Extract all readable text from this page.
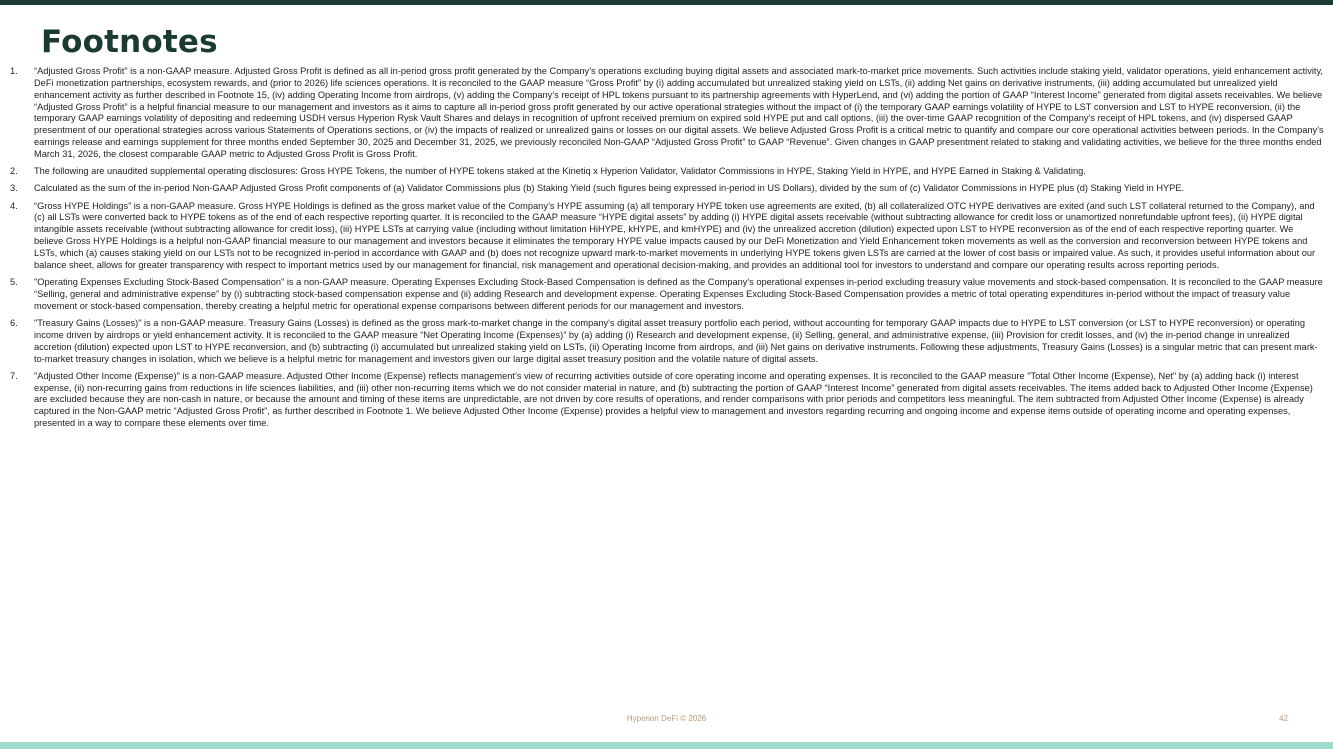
Footnotes
1.	“Adjusted Gross Profit” is a non-GAAP measure. Adjusted Gross Profit is defined as all in-period gross profit generated by the Company’s operations excluding buying digital assets and associated mark-to-market price movements. Such activities include staking yield, validator operations, yield enhancement activity, DeFi monetization partnerships, ecosystem rewards, and (prior to 2026) life sciences operations. It is reconciled to the GAAP measure “Gross Profit” by (i) adding accumulated but unrealized staking yield on LSTs, (ii) adding Net gains on derivative instruments, (iii) adding accumulated but unrealized yield enhancement activity as further described in Footnote 15, (iv) adding Operating Income from airdrops, (v) adding the Company’s receipt of HPL tokens pursuant to its partnership agreements with HyperLend, and (vi) adding the portion of GAAP “Interest Income” generated from digital assets receivables. We believe “Adjusted Gross Profit” is a helpful financial measure to our management and investors as it aims to capture all in-period gross profit generated by our active operational strategies without the impact of (i) the temporary GAAP earnings volatility of HYPE to LST conversion and LST to HYPE reconversion, (ii) the temporary GAAP earnings volatility of depositing and redeeming USDH versus Hyperion Rysk Vault Shares and delays in recognition of upfront received premium on expired sold HYPE put and call options, (iii) the over-time GAAP recognition of the Company’s receipt of HPL tokens, and (iv) dispersed GAAP presentment of our operational strategies across various Statements of Operations sections, or (iv) the impacts of realized or unrealized gains or losses on our digital assets. We believe Adjusted Gross Profit is a critical metric to quantify and compare our core operational activities between periods. In the Company’s earnings release and earnings supplement for three months ended September 30, 2025 and December 31, 2025, we previously reconciled Non-GAAP “Adjusted Gross Profit” to GAAP “Revenue”. Given changes in GAAP presentment related to staking and validating activities, we believe for the three months ended March 31, 2026, the closest comparable GAAP metric to Adjusted Gross Profit is Gross Profit.
2.	The following are unaudited supplemental operating disclosures: Gross HYPE Tokens, the number of HYPE tokens staked at the Kinetiq x Hyperion Validator, Validator Commissions in HYPE, Staking Yield in HYPE, and HYPE Earned in Staking & Validating.
3.	Calculated as the sum of the in-period Non-GAAP Adjusted Gross Profit components of (a) Validator Commissions plus (b) Staking Yield (such figures being expressed in-period in US Dollars), divided by the sum of (c) Validator Commissions in HYPE plus (d) Staking Yield in HYPE.
4.	“Gross HYPE Holdings” is a non-GAAP measure. Gross HYPE Holdings is defined as the gross market value of the Company’s HYPE assuming (a) all temporary HYPE token use agreements are exited, (b) all collateralized OTC HYPE derivatives are exited (and such LST collateral returned to the Company), and (c) all LSTs were converted back to HYPE tokens as of the end of each respective reporting quarter. It is reconciled to the GAAP measure “HYPE digital assets” by adding (i) HYPE digital assets receivable (without subtracting allowance for credit loss or unamortized nonrefundable upfront fees), (ii) HYPE digital intangible assets receivable (without subtracting allowance for credit loss), (iii) HYPE LSTs at carrying value (including without limitation HiHYPE, kHYPE, and kmHYPE) and (iv) the unrealized accretion (dilution) expected upon LST to HYPE reconversion as of the end of each respective reporting quarter. We believe Gross HYPE Holdings is a helpful non-GAAP financial measure to our management and investors because it eliminates the temporary HYPE value impacts caused by our DeFi Monetization and Yield Enhancement token movements as well as the conversion and reconversion between HYPE tokens and LSTs, which (a) causes staking yield on our LSTs not to be recognized in-period in accordance with GAAP and (b) does not recognize upward mark-to-market movements in underlying HYPE tokens given LSTs are carried at the lower of cost basis or impaired value. As such, it provides useful information about our balance sheet, allows for greater transparency with respect to important metrics used by our management for financial, risk management and operational decision-making, and provides an additional tool for investors to understand and compare our operating results across reporting periods.
5.	"Operating Expenses Excluding Stock-Based Compensation" is a non-GAAP measure. Operating Expenses Excluding Stock-Based Compensation is defined as the Company's operational expenses in-period excluding treasury value movements and stock-based compensation. It is reconciled to the GAAP measure “Selling, general and administrative expense” by (i) subtracting stock-based compensation expense and (ii) adding Research and development expense. Operating Expenses Excluding Stock-Based Compensation provides a metric of total operating expenditures in-period without the impact of treasury value movement or stock-based compensation, thereby creating a helpful metric for operational expense comparisons between different periods for our management and investors.
6.	"Treasury Gains (Losses)" is a non-GAAP measure. Treasury Gains (Losses) is defined as the gross mark-to-market change in the company's digital asset treasury portfolio each period, without accounting for temporary GAAP impacts due to HYPE to LST conversion (or LST to HYPE reconversion) or operating income driven by airdrops or yield enhancement activity. It is reconciled to the GAAP measure “Net Operating Income (Expenses)” by (a) adding (i) Research and development expense, (ii) Selling, general, and administrative expense, (iii) Provision for credit losses, and (iv) the in-period change in unrealized accretion (dilution) expected upon LST to HYPE reconversion, and (b) subtracting (i) accumulated but unrealized staking yield on LSTs, (ii) Operating Income from airdrops, and (iii) Net gains on derivative instruments. Following these adjustments, Treasury Gains (Losses) is a singular metric that can present mark-to-market treasury changes in isolation, which we believe is a helpful metric for management and investors given our large digital asset treasury position and the volatile nature of digital assets.
7.	"Adjusted Other Income (Expense)" is a non-GAAP measure. Adjusted Other Income (Expense) reflects management’s view of recurring activities outside of core operating income and operating expenses. It is reconciled to the GAAP measure "Total Other Income (Expense), Net" by (a) adding back (i) interest expense, (ii) non-recurring gains from reductions in life sciences liabilities, and (iii) other non-recurring items which we do not consider material in nature, and (b) subtracting the portion of GAAP “Interest Income” generated from digital assets receivables. The items added back to Adjusted Other Income (Expense) are excluded because they are non-cash in nature, or because the amount and timing of these items are unpredictable, are not driven by core results of operations, and render comparisons with prior periods and competitors less meaningful. The item subtracted from Adjusted Other Income (Expense) is already captured in the Non-GAAP metric “Adjusted Gross Profit”, as further described in Footnote 1. We believe Adjusted Other Income (Expense) provides a helpful view to management and investors regarding recurring and ongoing income and expense items outside of operating income and operating expenses, presented in a way to compare these elements over time.
Hyperion DeFi © 2026	42
